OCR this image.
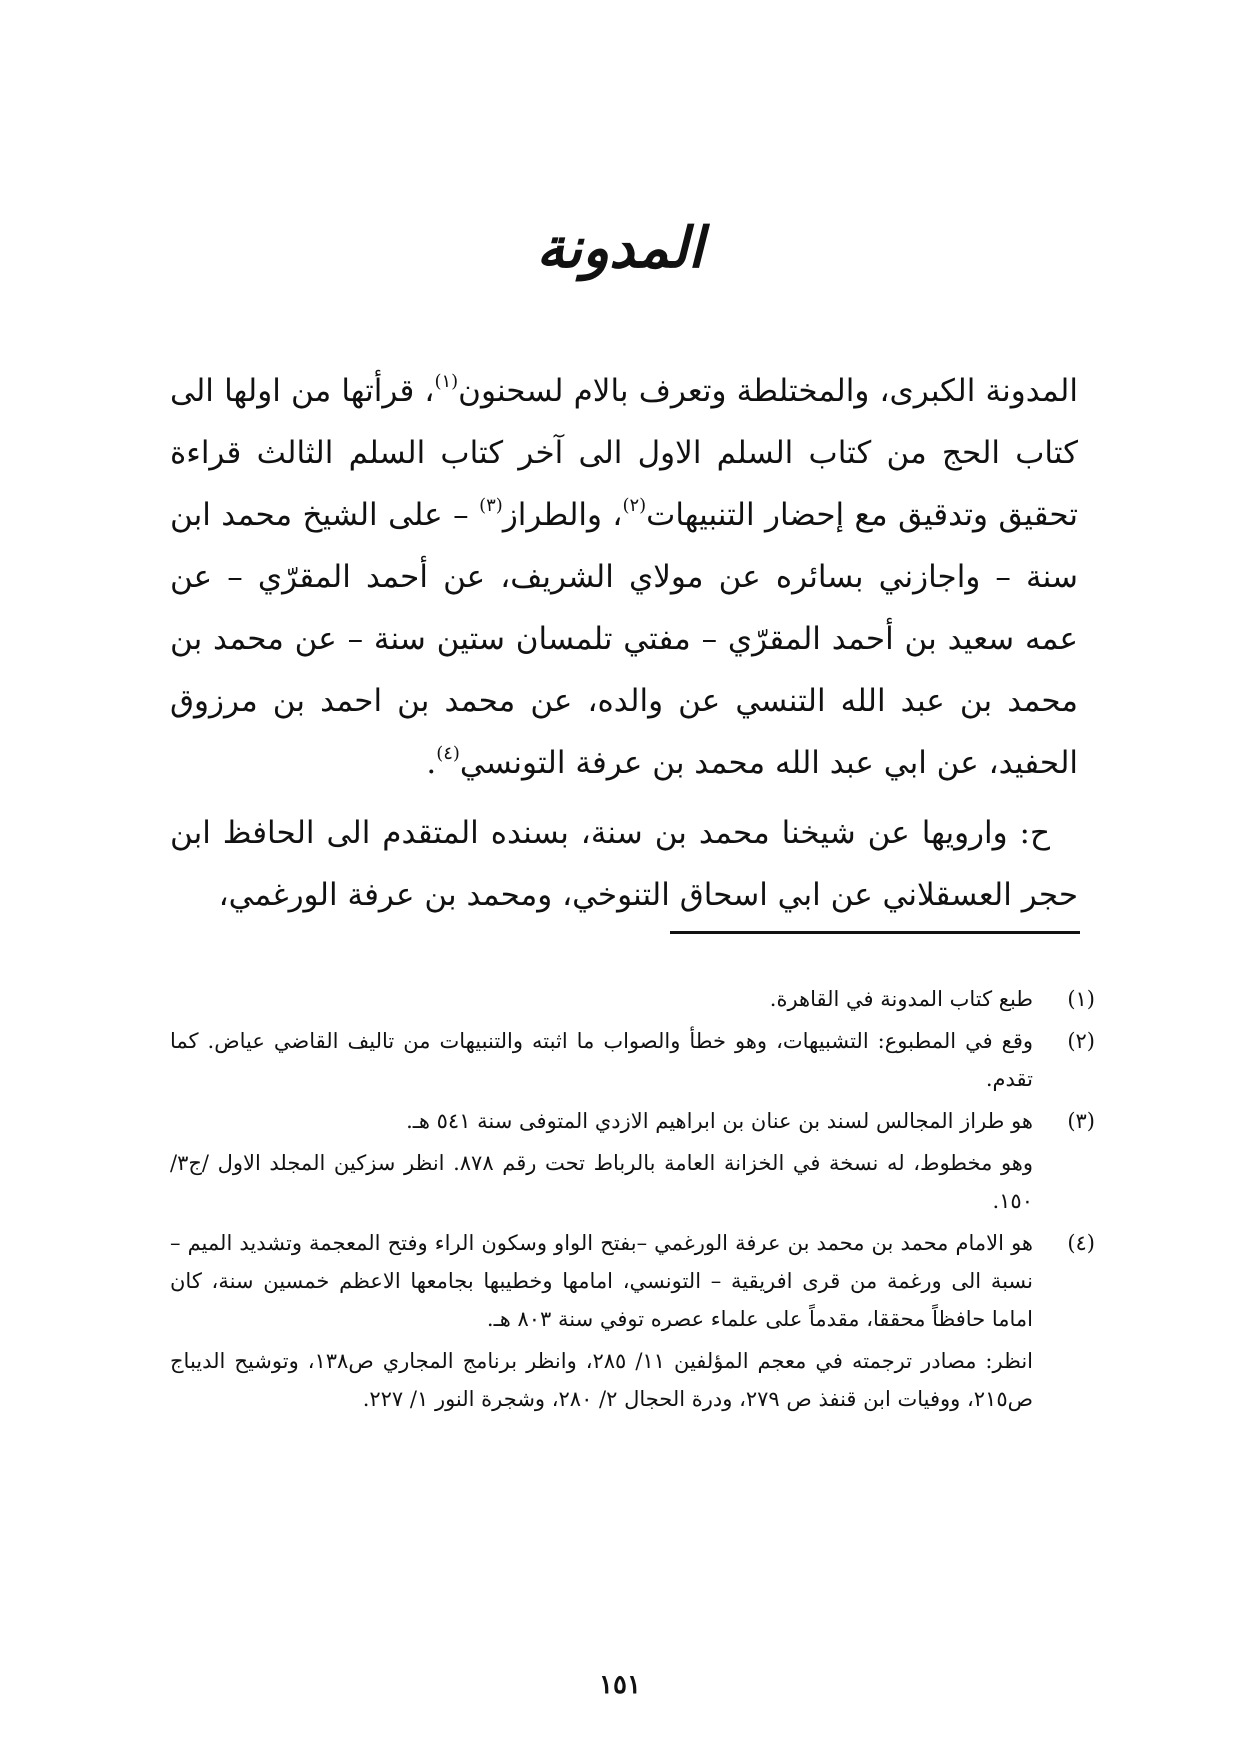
المدونة

المدونة الكبرى، والمختلطة وتعرف بالام لسحنون$^{(١)}$، قرأتها من اولها الى كتاب الحج من كتاب السلم الاول الى آخر كتاب السلم الثالث قراءة تحقيق وتدقيق مع إحضار التنبيهات$^{(٢)}$، والطراز$^{(٣)}$ – على الشيخ محمد ابن سنة – واجازني بسائره عن مولاي الشريف، عن أحمد المقرّي – عن عمه سعيد بن أحمد المقرّي – مفتي تلمسان ستين سنة – عن محمد بن محمد بن عبد الله التنسي عن والده، عن محمد بن احمد بن مرزوق الحفيد، عن ابي عبد الله محمد بن عرفة التونسي$^{(٤)}$.

ح: وارويها عن شيخنا محمد بن سنة، بسنده المتقدم الى الحافظ ابن حجر العسقلاني عن ابي اسحاق التنوخي، ومحمد بن عرفة الورغمي،

(١)

طبع كتاب المدونة في القاهرة.

(٢)

وقع في المطبوع: التشبيهات، وهو خطأ والصواب ما اثبته والتنبيهات من تاليف القاضي عياض. كما تقدم.

(٣)

هو طراز المجالس لسند بن عنان بن ابراهيم الازدي المتوفى سنة ٥٤١ هـ.

وهو مخطوط، له نسخة في الخزانة العامة بالرباط تحت رقم ٨٧٨. انظر سزكين المجلد الاول /ج٣/ ١٥٠.

(٤)

هو الامام محمد بن محمد بن عرفة الورغمي –بفتح الواو وسكون الراء وفتح المعجمة وتشديد الميم – نسبة الى ورغمة من قرى افريقية – التونسي، امامها وخطيبها بجامعها الاعظم خمسين سنة، كان اماما حافظاً محققا، مقدماً على علماء عصره توفي سنة ٨٠٣ هـ.

انظر: مصادر ترجمته في معجم المؤلفين ١١/ ٢٨٥، وانظر برنامج المجاري ص١٣٨، وتوشيح الديباج ص٢١٥، ووفيات ابن قنفذ ص ٢٧٩، ودرة الحجال ٢/ ٢٨٠، وشجرة النور ١/ ٢٢٧.

١٥١
